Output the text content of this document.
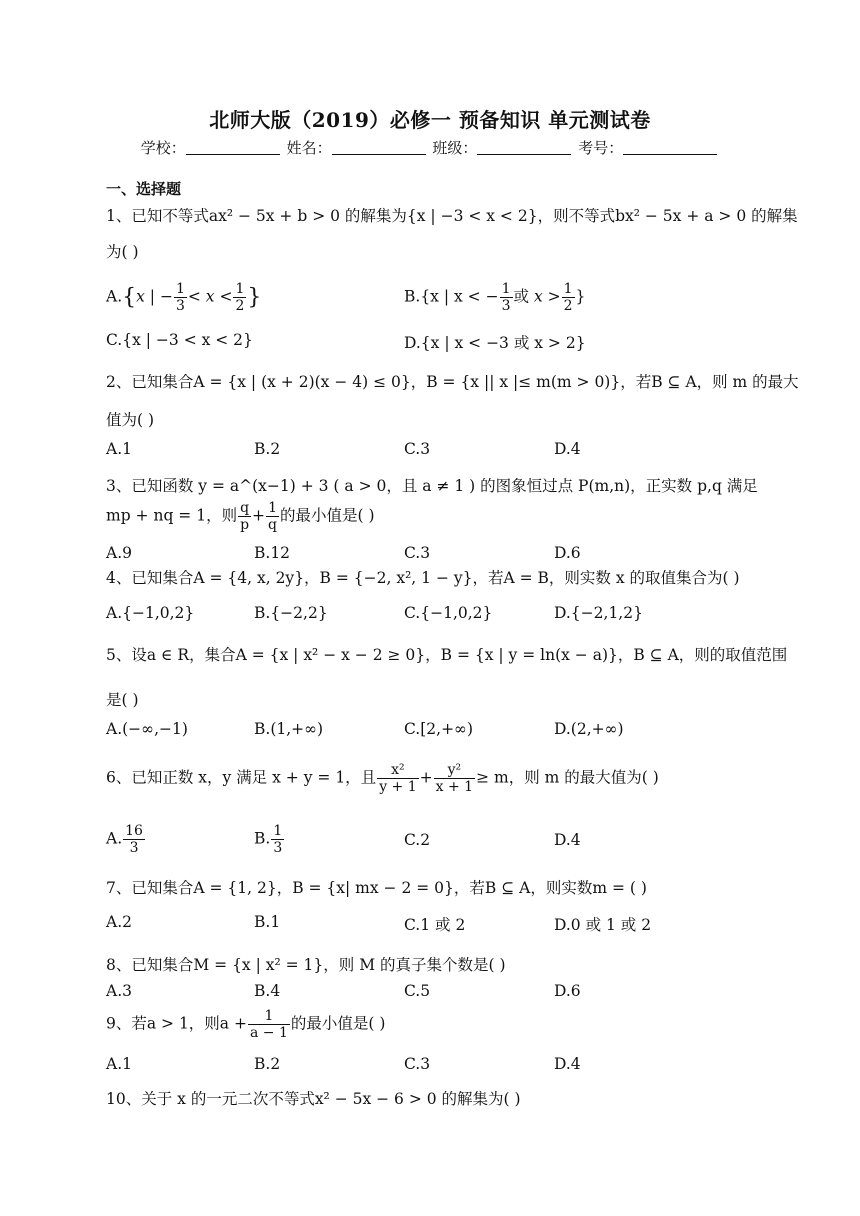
北师大版（2019）必修一 预备知识 单元测试卷
学校：	姓名：	班级：	考号：
一、选择题
1、已知不等式ax² − 5x + b > 0 的解集为{x | −3 < x < 2}，则不等式bx² − 5x + a > 0 的解集
为( )
A.{x | − $\frac{1}{3} < x < \frac{1}{2}$ }	B.{x | x < − $\frac{1}{3}$ 或 $x > \frac{1}{2}$ }
C.{x | −3 < x < 2}	D.{x | x < −3 或 x > 2}
2、已知集合A = {x | (x + 2)(x − 4) ≤ 0}，B = {x || x |≤ m(m > 0)}，若B ⊆ A，则 m 的最大
值为( )
A.1	B.2	C.3	D.4
3、已知函数 y = a^(x−1) + 3 ( a > 0，且 a ≠ 1 ) 的图象恒过点 P(m,n)，正实数 p,q 满足
mp + nq = 1，则 $\frac{q}{p} + \frac{1}{q}$ 的最小值是( )
A.9	B.12	C.3	D.6
4、已知集合A = {4, x, 2y}，B = {−2, x², 1 − y}，若A = B，则实数 x 的取值集合为( )
A.{−1,0,2}	B.{−2,2}	C.{−1,0,2}	D.{−2,1,2}
5、设a ∈ R，集合A = {x | x² − x − 2 ≥ 0}，B = {x | y = ln(x − a)}，B ⊆ A，则的取值范围
是( )
A.(−∞,−1)	B.(1,+∞)	C.[2,+∞)	D.(2,+∞)
6、已知正数 x，y 满足 x + y = 1，且 $\frac{\text{x²}}{y + 1} + \frac{\text{y²}}{x + 1} \ge m$，则 m 的最大值为( )
A. $\frac{16}{3}$	B. $\frac{1}{3}$	C.2	D.4
7、已知集合A = {1, 2}，B = {x| mx − 2 = 0}，若B ⊆ A，则实数m = ( )
A.2	B.1	C.1 或 2	D.0 或 1 或 2
8、已知集合M = {x | x² = 1}，则 M 的真子集个数是( )
A.3	B.4	C.5	D.6
9、若a > 1，则$a + \frac{1}{a - 1}$ 的最小值是( )
A.1	B.2	C.3	D.4
10、关于 x 的一元二次不等式x² − 5x − 6 > 0 的解集为( )
